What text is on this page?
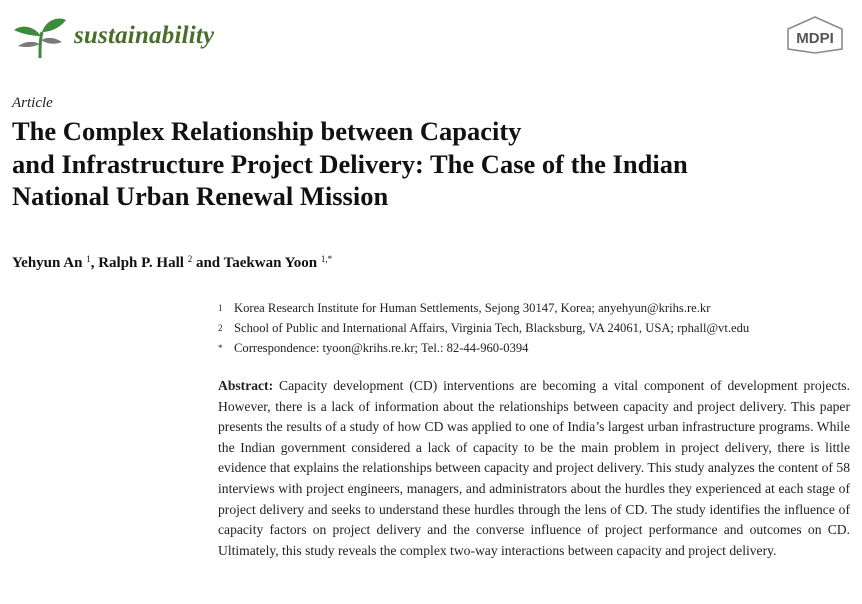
sustainability	MDPI
Article
The Complex Relationship between Capacity
and Infrastructure Project Delivery: The Case of the Indian
National Urban Renewal Mission
Yehyun An $^1$, Ralph P. Hall $^2$ and Taekwan Yoon $^{1,*}$
1 Korea Research Institute for Human Settlements, Sejong 30147, Korea; anyehyun@krihs.re.kr
2 School of Public and International Affairs, Virginia Tech, Blacksburg, VA 24061, USA; rphall@vt.edu
* Correspondence: tyoon@krihs.re.kr; Tel.: 82-44-960-0394

Abstract: Capacity development (CD) interventions are becoming a vital component of development projects. However, there is a lack of information about the relationships between capacity and project delivery. This paper presents the results of a study of how CD was applied to one of India’s largest urban infrastructure programs. While the Indian government considered a lack of capacity to be the main problem in project delivery, there is little evidence that explains the relationships between capacity and project delivery. This study analyzes the content of 58 interviews with project engineers, managers, and administrators about the hurdles they experienced at each stage of project delivery and seeks to understand these hurdles through the lens of CD. The study identifies the influence of capacity factors on project delivery and the converse influence of project performance and outcomes on CD. Ultimately, this study reveals the complex two-way interactions between capacity and project delivery.
